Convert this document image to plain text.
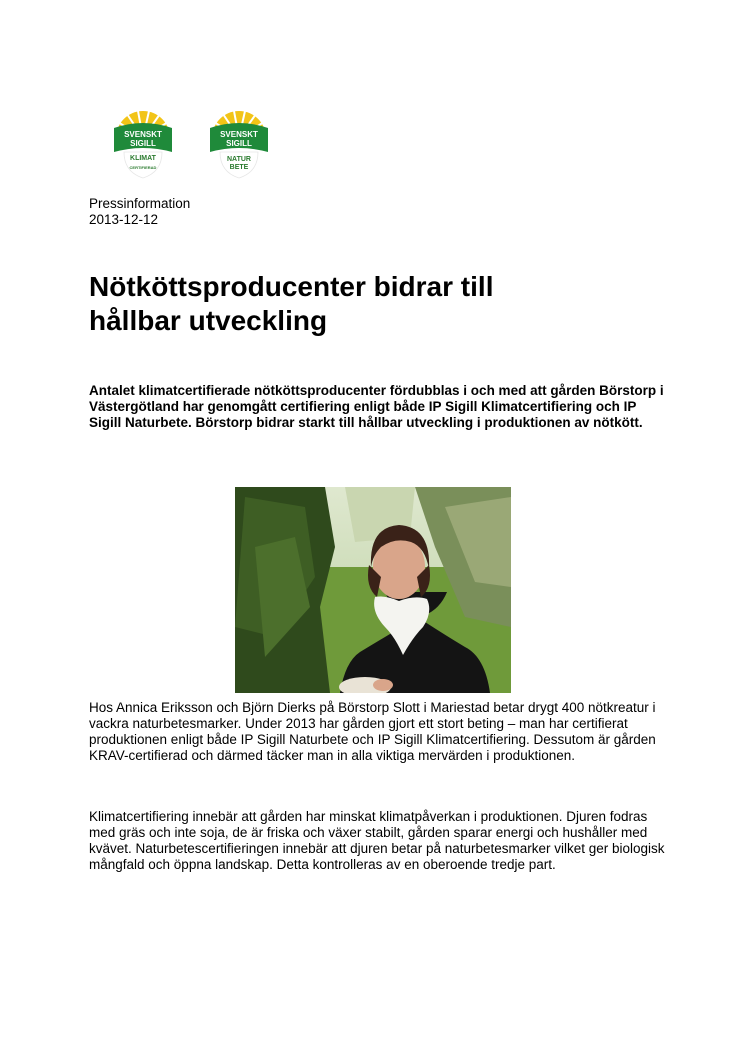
SVENSKT
SIGILL
KLIMAT
CERTIFIERAD
SVENSKT
SIGILL
NATUR
BETE
Pressinformation
2013-12-12
Nötköttsproducenter bidrar till
hållbar utveckling

Antalet klimatcertifierade nötköttsproducenter fördubblas i och med att gården Börstorp i Västergötland har genomgått certifiering enligt både IP Sigill Klimatcertifiering och IP Sigill Naturbete. Börstorp bidrar starkt till hållbar utveckling i produktionen av nötkött.

Hos Annica Eriksson och Björn Dierks på Börstorp Slott i Mariestad betar drygt 400 nötkreatur i vackra naturbetesmarker. Under 2013 har gården gjort ett stort beting – man har certifierat produktionen enligt både IP Sigill Naturbete och IP Sigill Klimatcertifiering. Dessutom är gården KRAV-certifierad och därmed täcker man in alla viktiga mervärden i produktionen.

Klimatcertifiering innebär att gården har minskat klimatpåverkan i produktionen. Djuren fodras med gräs och inte soja, de är friska och växer stabilt, gården sparar energi och hushåller med kvävet. Naturbetescertifieringen innebär att djuren betar på naturbetesmarker vilket ger biologisk mångfald och öppna landskap. Detta kontrolleras av en oberoende tredje part.
